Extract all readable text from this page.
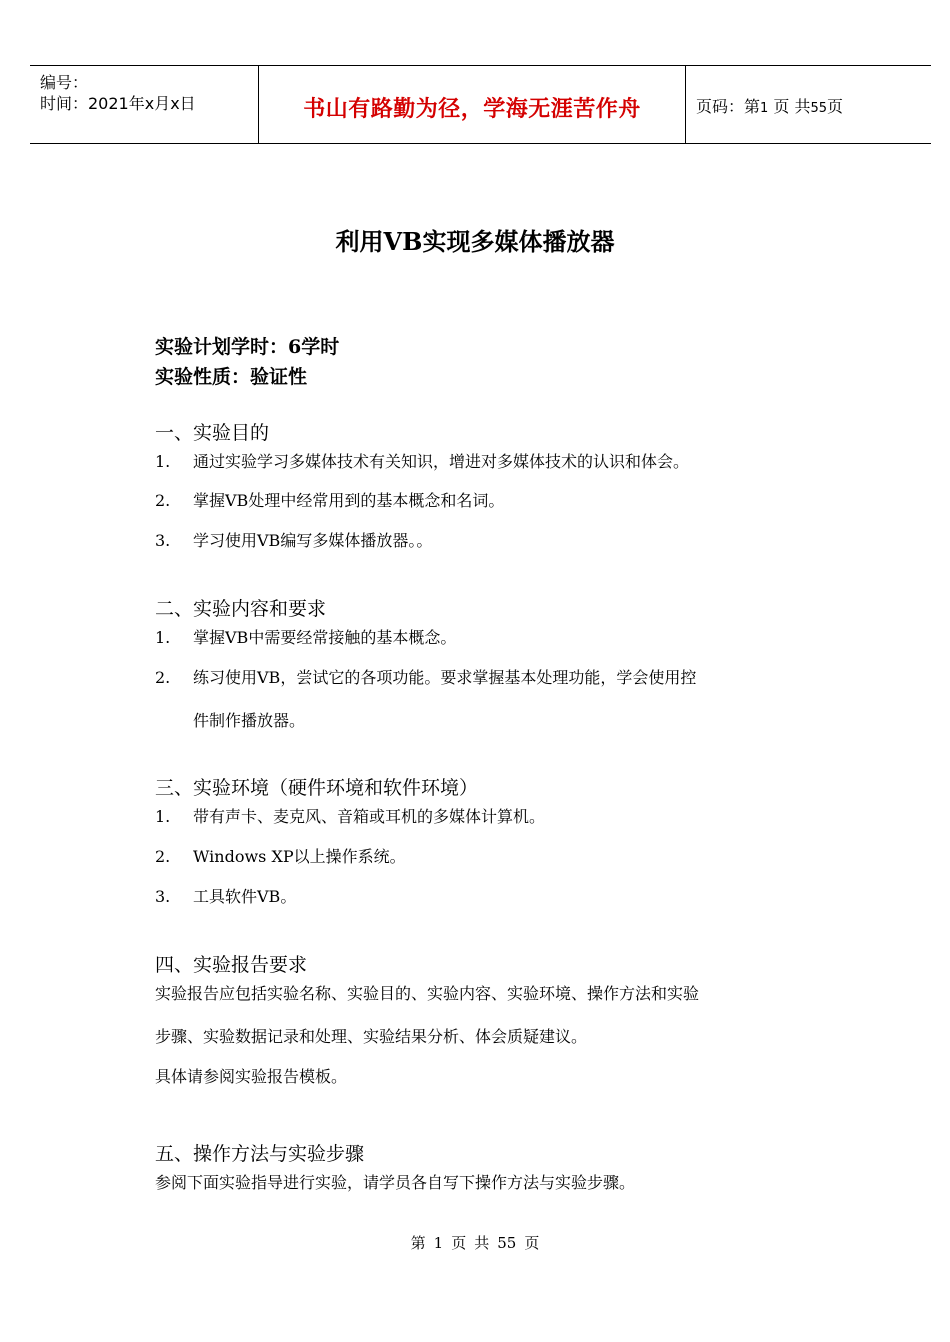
编号：
时间：2021年x月x日	书山有路勤为径，学海无涯苦作舟	页码：第1 页 共55页
利用VB实现多媒体播放器
实验计划学时：6学时
实验性质：验证性
一、实验目的
1. 通过实验学习多媒体技术有关知识，增进对多媒体技术的认识和体会。
2. 掌握VB处理中经常用到的基本概念和名词。
3. 学习使用VB编写多媒体播放器。。
二、实验内容和要求
1. 掌握VB中需要经常接触的基本概念。
2. 练习使用VB，尝试它的各项功能。要求掌握基本处理功能，学会使用控
件制作播放器。
三、实验环境（硬件环境和软件环境）
1. 带有声卡、麦克风、音箱或耳机的多媒体计算机。
2. Windows XP以上操作系统。
3. 工具软件VB。
四、实验报告要求
实验报告应包括实验名称、实验目的、实验内容、实验环境、操作方法和实验
步骤、实验数据记录和处理、实验结果分析、体会质疑建议。
具体请参阅实验报告模板。
五、操作方法与实验步骤
参阅下面实验指导进行实验，请学员各自写下操作方法与实验步骤。
第 1 页 共 55 页
